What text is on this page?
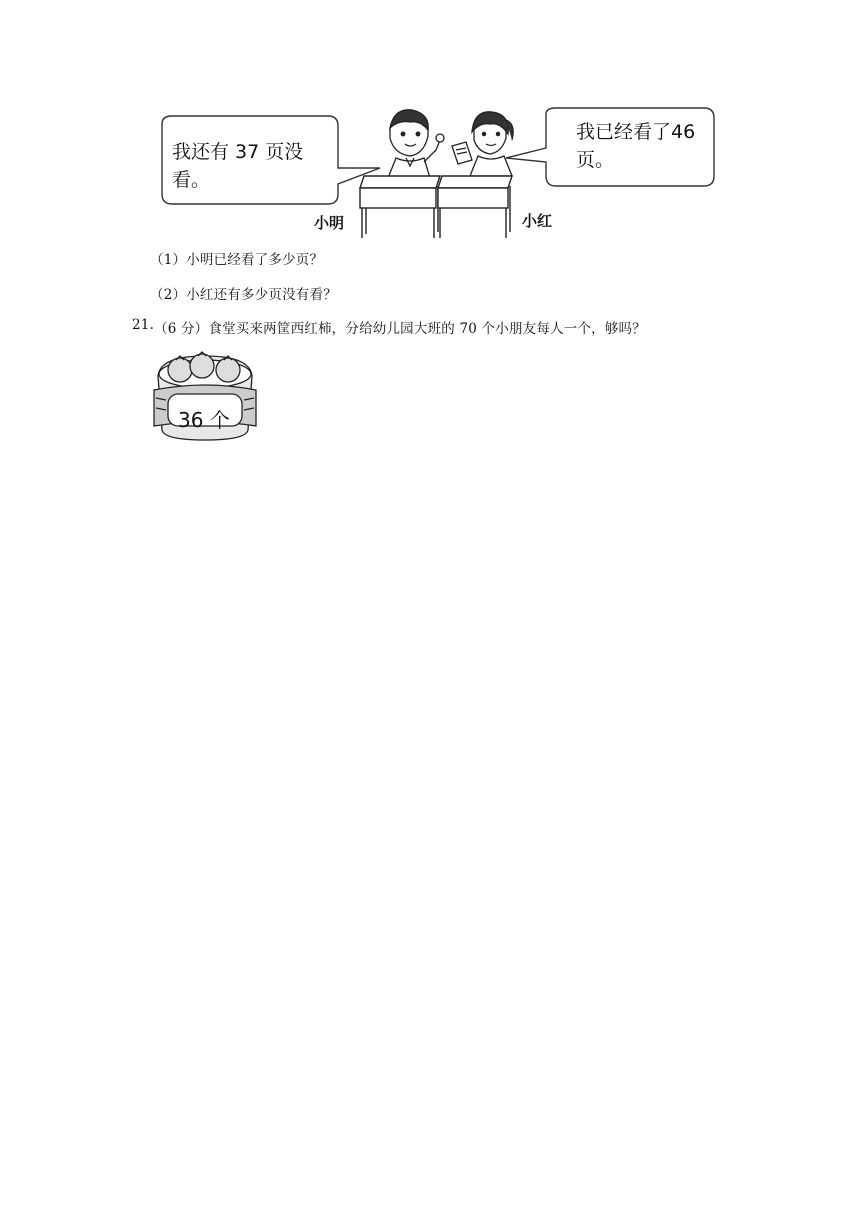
我还有 37 页没看。
我已经看了46 页。
小明	小红
（1）小明已经看了多少页？
（2）小红还有多少页没有看？
21. （6 分）食堂买来两筐西红柿，分给幼儿园大班的 70 个小朋友每人一个，够吗？
36 个
